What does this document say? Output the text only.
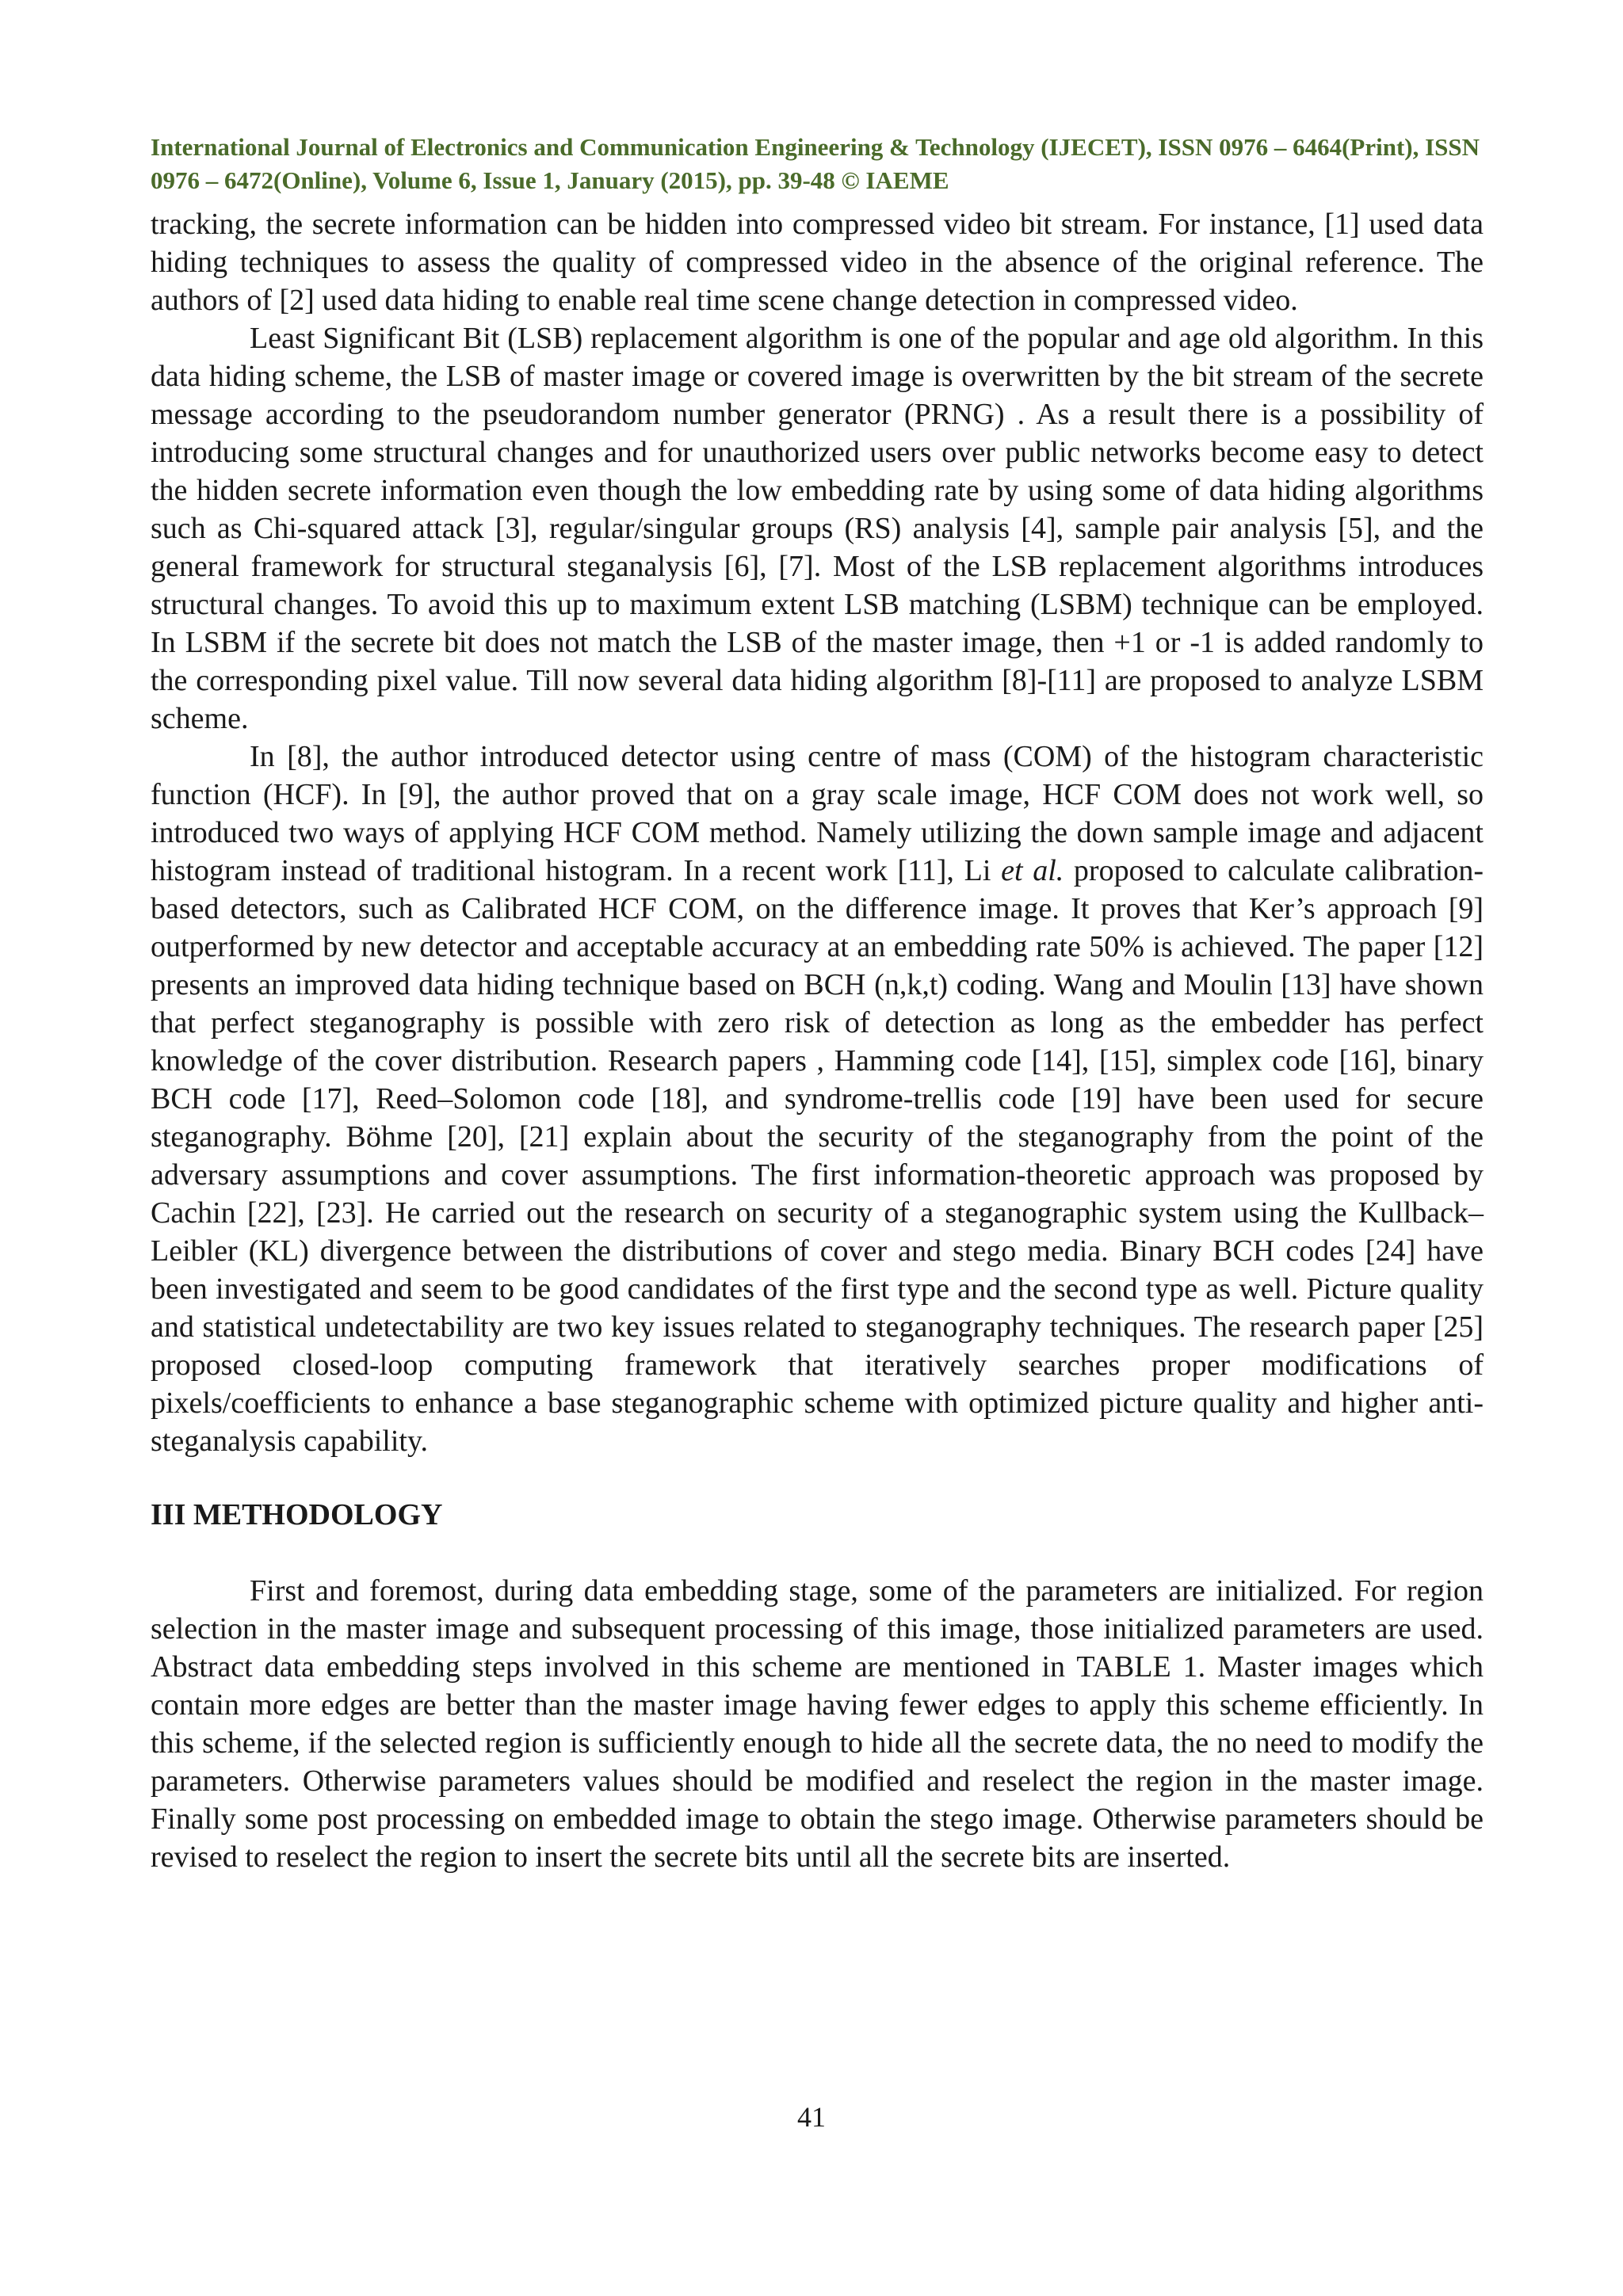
International Journal of Electronics and Communication Engineering & Technology (IJECET), ISSN 0976 – 6464(Print), ISSN 0976 – 6472(Online), Volume 6, Issue 1, January (2015), pp. 39-48 © IAEME

tracking, the secrete information can be hidden into compressed video bit stream. For instance, [1] used data hiding techniques to assess the quality of compressed video in the absence of the original reference. The authors of [2] used data hiding to enable real time scene change detection in compressed video.

Least Significant Bit (LSB) replacement algorithm is one of the popular and age old algorithm. In this data hiding scheme, the LSB of master image or covered image is overwritten by the bit stream of the secrete message according to the pseudorandom number generator (PRNG) . As a result there is a possibility of introducing some structural changes and for unauthorized users over public networks become easy to detect the hidden secrete information even though the low embedding rate by using some of data hiding algorithms such as Chi-squared attack [3], regular/singular groups (RS) analysis [4], sample pair analysis [5], and the general framework for structural steganalysis [6], [7]. Most of the LSB replacement algorithms introduces structural changes. To avoid this up to maximum extent LSB matching (LSBM) technique can be employed. In LSBM if the secrete bit does not match the LSB of the master image, then +1 or -1 is added randomly to the corresponding pixel value. Till now several data hiding algorithm [8]-[11] are proposed to analyze LSBM scheme.

In [8], the author introduced detector using centre of mass (COM) of the histogram characteristic function (HCF). In [9], the author proved that on a gray scale image, HCF COM does not work well, so introduced two ways of applying HCF COM method. Namely utilizing the down sample image and adjacent histogram instead of traditional histogram. In a recent work [11], Li et al. proposed to calculate calibration-based detectors, such as Calibrated HCF COM, on the difference image. It proves that Ker’s approach [9] outperformed by new detector and acceptable accuracy at an embedding rate 50% is achieved. The paper [12] presents an improved data hiding technique based on BCH (n,k,t) coding. Wang and Moulin [13] have shown that perfect steganography is possible with zero risk of detection as long as the embedder has perfect knowledge of the cover distribution. Research papers , Hamming code [14], [15], simplex code [16], binary BCH code [17], Reed–Solomon code [18], and syndrome-trellis code [19] have been used for secure steganography. Böhme [20], [21] explain about the security of the steganography from the point of the adversary assumptions and cover assumptions. The first information-theoretic approach was proposed by Cachin [22], [23]. He carried out the research on security of a steganographic system using the Kullback–Leibler (KL) divergence between the distributions of cover and stego media. Binary BCH codes [24] have been investigated and seem to be good candidates of the first type and the second type as well. Picture quality and statistical undetectability are two key issues related to steganography techniques. The research paper [25] proposed closed-loop computing framework that iteratively searches proper modifications of pixels/coefficients to enhance a base steganographic scheme with optimized picture quality and higher anti-steganalysis capability.

III METHODOLOGY

First and foremost, during data embedding stage, some of the parameters are initialized. For region selection in the master image and subsequent processing of this image, those initialized parameters are used. Abstract data embedding steps involved in this scheme are mentioned in TABLE 1. Master images which contain more edges are better than the master image having fewer edges to apply this scheme efficiently. In this scheme, if the selected region is sufficiently enough to hide all the secrete data, the no need to modify the parameters. Otherwise parameters values should be modified and reselect the region in the master image. Finally some post processing on embedded image to obtain the stego image. Otherwise parameters should be revised to reselect the region to insert the secrete bits until all the secrete bits are inserted.

41
